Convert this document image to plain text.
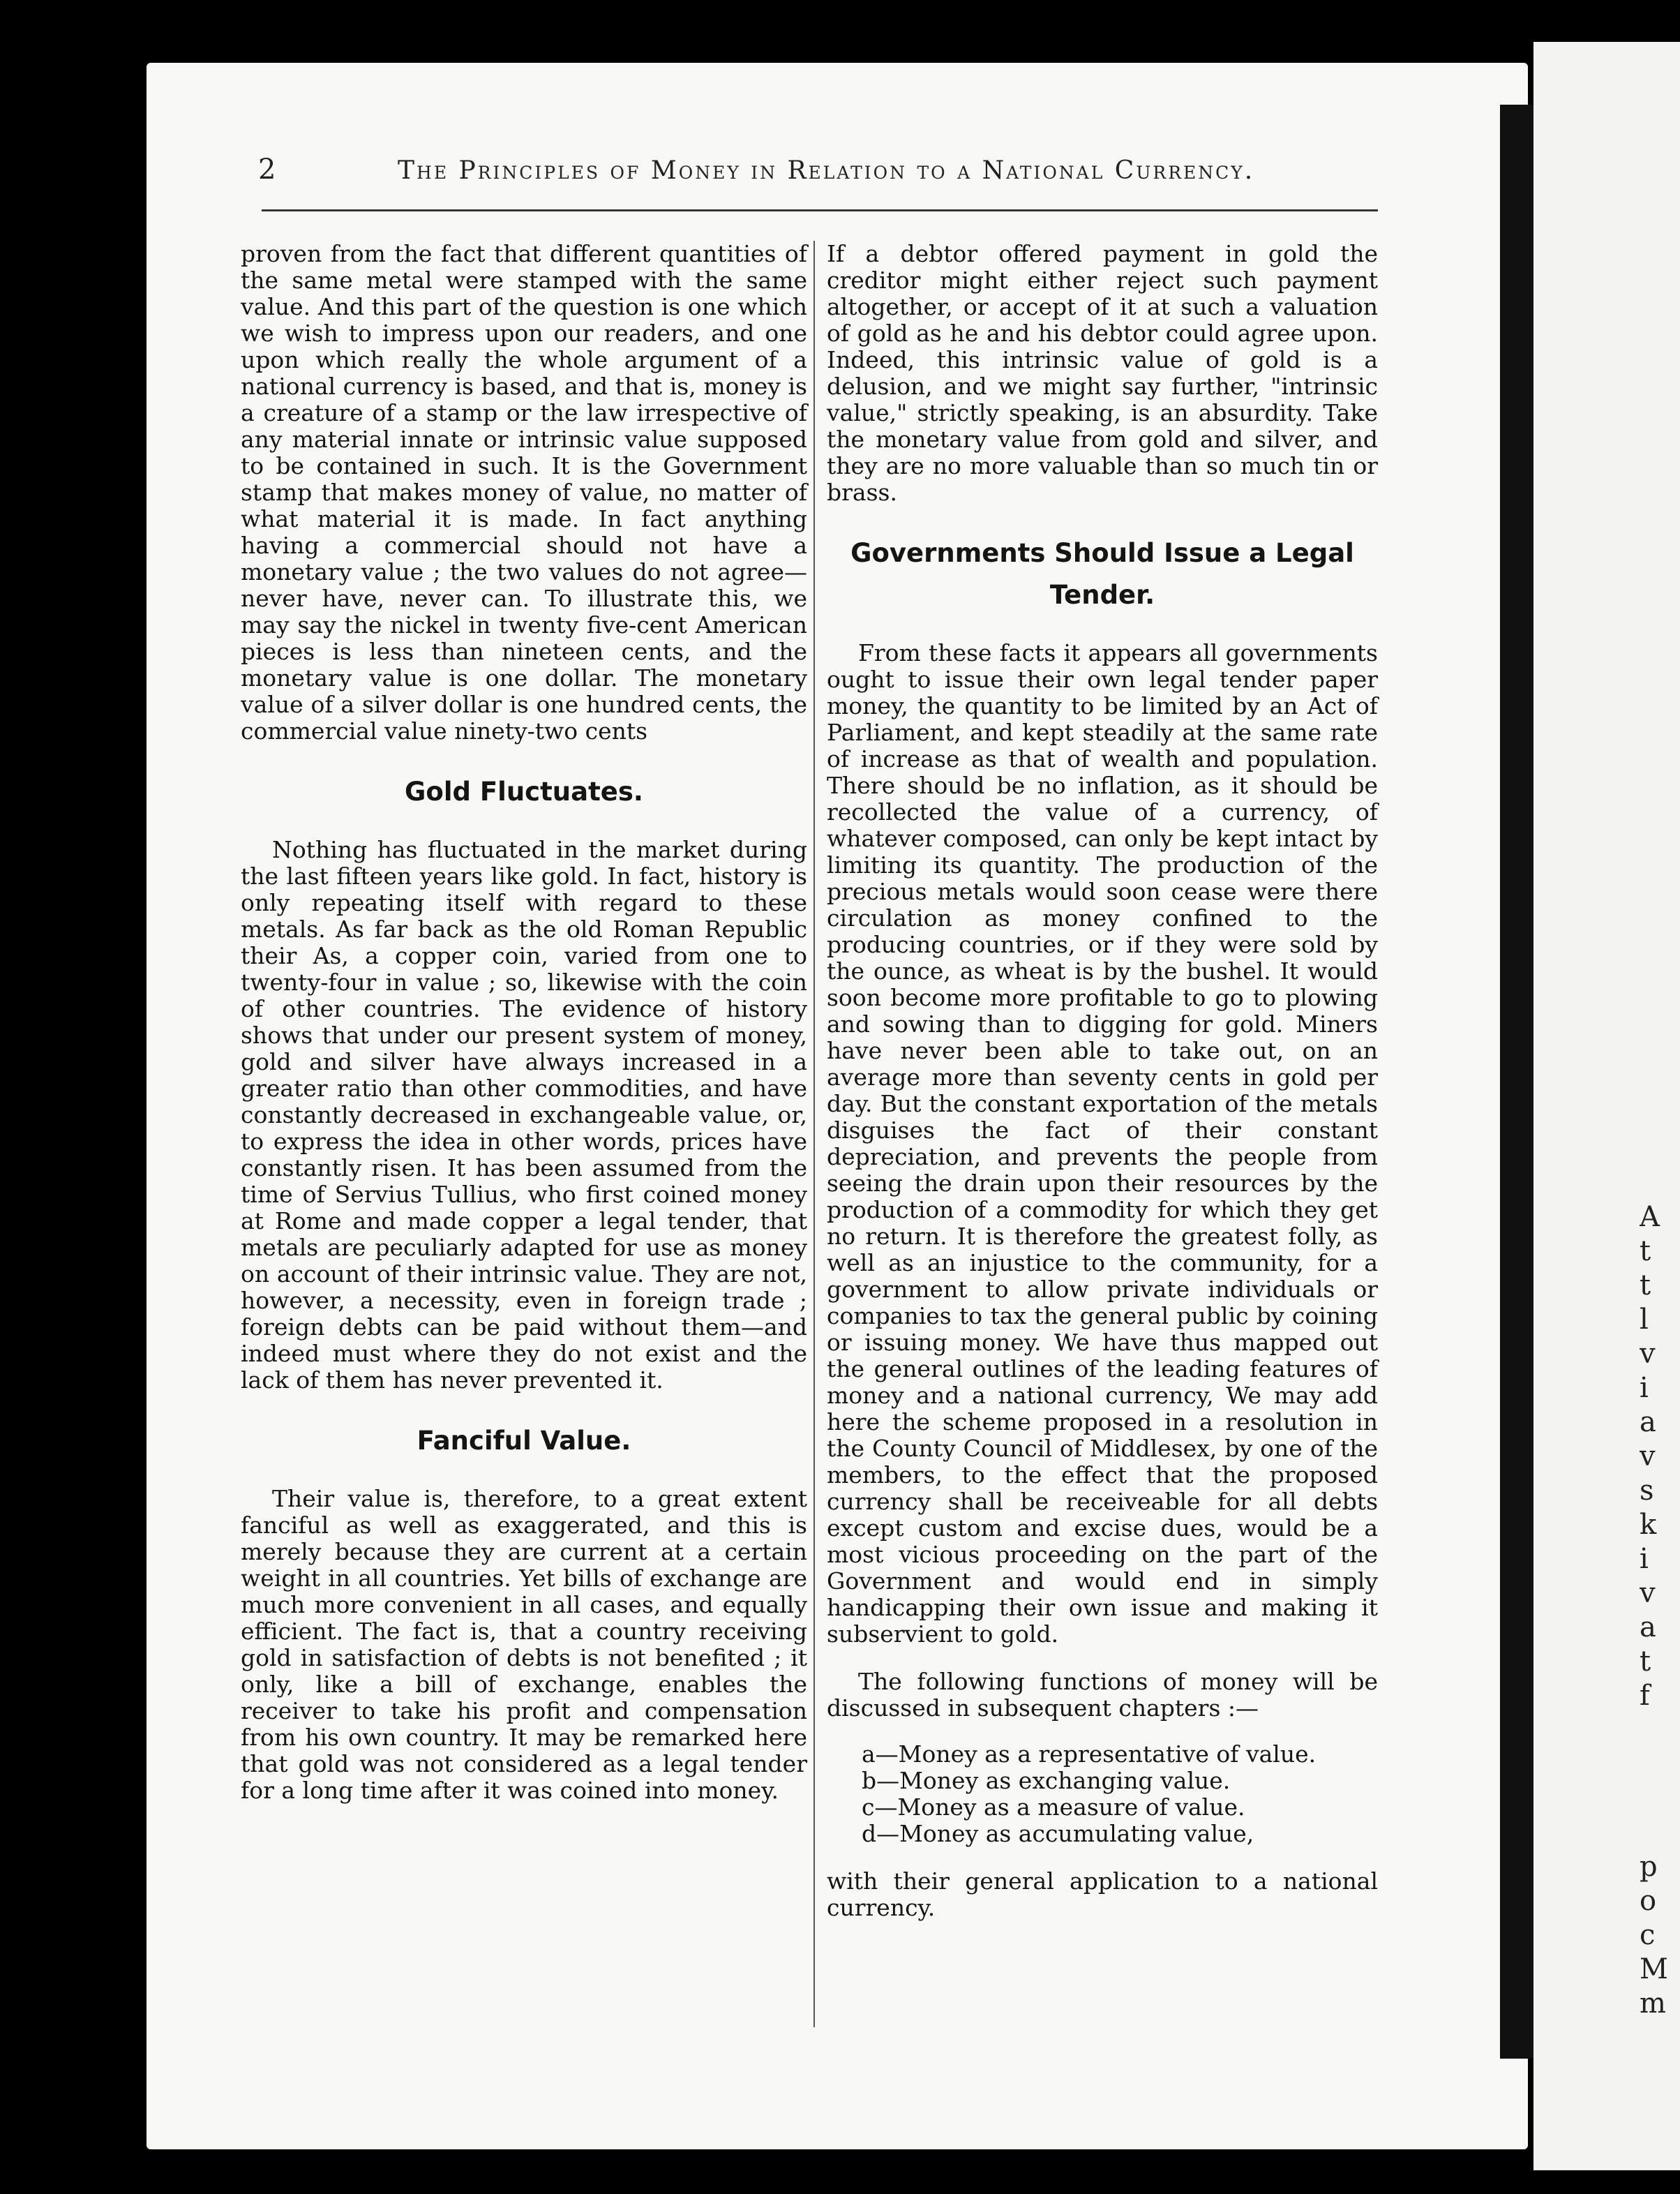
A
t
t
l
v
i
a
v
s
k
i
v
a
t
f

p
o
c
M
m
2	The Principles of Money in Relation to a National Currency.

proven from the fact that different quantities of the same metal were stamped with the same value. And this part of the question is one which we wish to impress upon our readers, and one upon which really the whole argument of a national currency is based, and that is, money is a creature of a stamp or the law irrespective of any material innate or intrinsic value supposed to be contained in such. It is the Government stamp that makes money of value, no matter of what material it is made. In fact anything having a commercial should not have a monetary value ; the two values do not agree—never have, never can. To illustrate this, we may say the nickel in twenty five-cent American pieces is less than nineteen cents, and the monetary value is one dollar. The monetary value of a silver dollar is one hundred cents, the commercial value ninety-two cents

Gold Fluctuates.

Nothing has fluctuated in the market during the last fifteen years like gold. In fact, history is only repeating itself with regard to these metals. As far back as the old Roman Republic their As, a copper coin, varied from one to twenty-four in value ; so, likewise with the coin of other countries. The evidence of history shows that under our present system of money, gold and silver have always increased in a greater ratio than other commodities, and have constantly decreased in exchangeable value, or, to express the idea in other words, prices have constantly risen. It has been assumed from the time of Servius Tullius, who first coined money at Rome and made copper a legal tender, that metals are peculiarly adapted for use as money on account of their intrinsic value. They are not, however, a necessity, even in foreign trade ; foreign debts can be paid without them—and indeed must where they do not exist and the lack of them has never prevented it.

Fanciful Value.

Their value is, therefore, to a great extent fanciful as well as exaggerated, and this is merely because they are current at a certain weight in all countries. Yet bills of exchange are much more convenient in all cases, and equally efficient. The fact is, that a country receiving gold in satisfaction of debts is not benefited ; it only, like a bill of exchange, enables the receiver to take his profit and compensation from his own country. It may be remarked here that gold was not considered as a legal tender for a long time after it was coined into money.

If a debtor offered payment in gold the creditor might either reject such payment altogether, or accept of it at such a valuation of gold as he and his debtor could agree upon. Indeed, this intrinsic value of gold is a delusion, and we might say further, "intrinsic value," strictly speaking, is an absurdity. Take the monetary value from gold and silver, and they are no more valuable than so much tin or brass.

Governments Should Issue a Legal Tender.

From these facts it appears all governments ought to issue their own legal tender paper money, the quantity to be limited by an Act of Parliament, and kept steadily at the same rate of increase as that of wealth and population. There should be no inflation, as it should be recollected the value of a currency, of whatever composed, can only be kept intact by limiting its quantity. The production of the precious metals would soon cease were there circulation as money confined to the producing countries, or if they were sold by the ounce, as wheat is by the bushel. It would soon become more profitable to go to plowing and sowing than to digging for gold. Miners have never been able to take out, on an average more than seventy cents in gold per day. But the constant exportation of the metals disguises the fact of their constant depreciation, and prevents the people from seeing the drain upon their resources by the production of a commodity for which they get no return. It is therefore the greatest folly, as well as an injustice to the community, for a government to allow private individuals or companies to tax the general public by coining or issuing money. We have thus mapped out the general outlines of the leading features of money and a national currency, We may add here the scheme proposed in a resolution in the County Council of Middlesex, by one of the members, to the effect that the proposed currency shall be receiveable for all debts except custom and excise dues, would be a most vicious proceeding on the part of the Government and would end in simply handicapping their own issue and making it subservient to gold.

The following functions of money will be discussed in subsequent chapters :—

a—Money as a representative of value.

b—Money as exchanging value.

c—Money as a measure of value.

d—Money as accumulating value,

with their general application to a national currency.
